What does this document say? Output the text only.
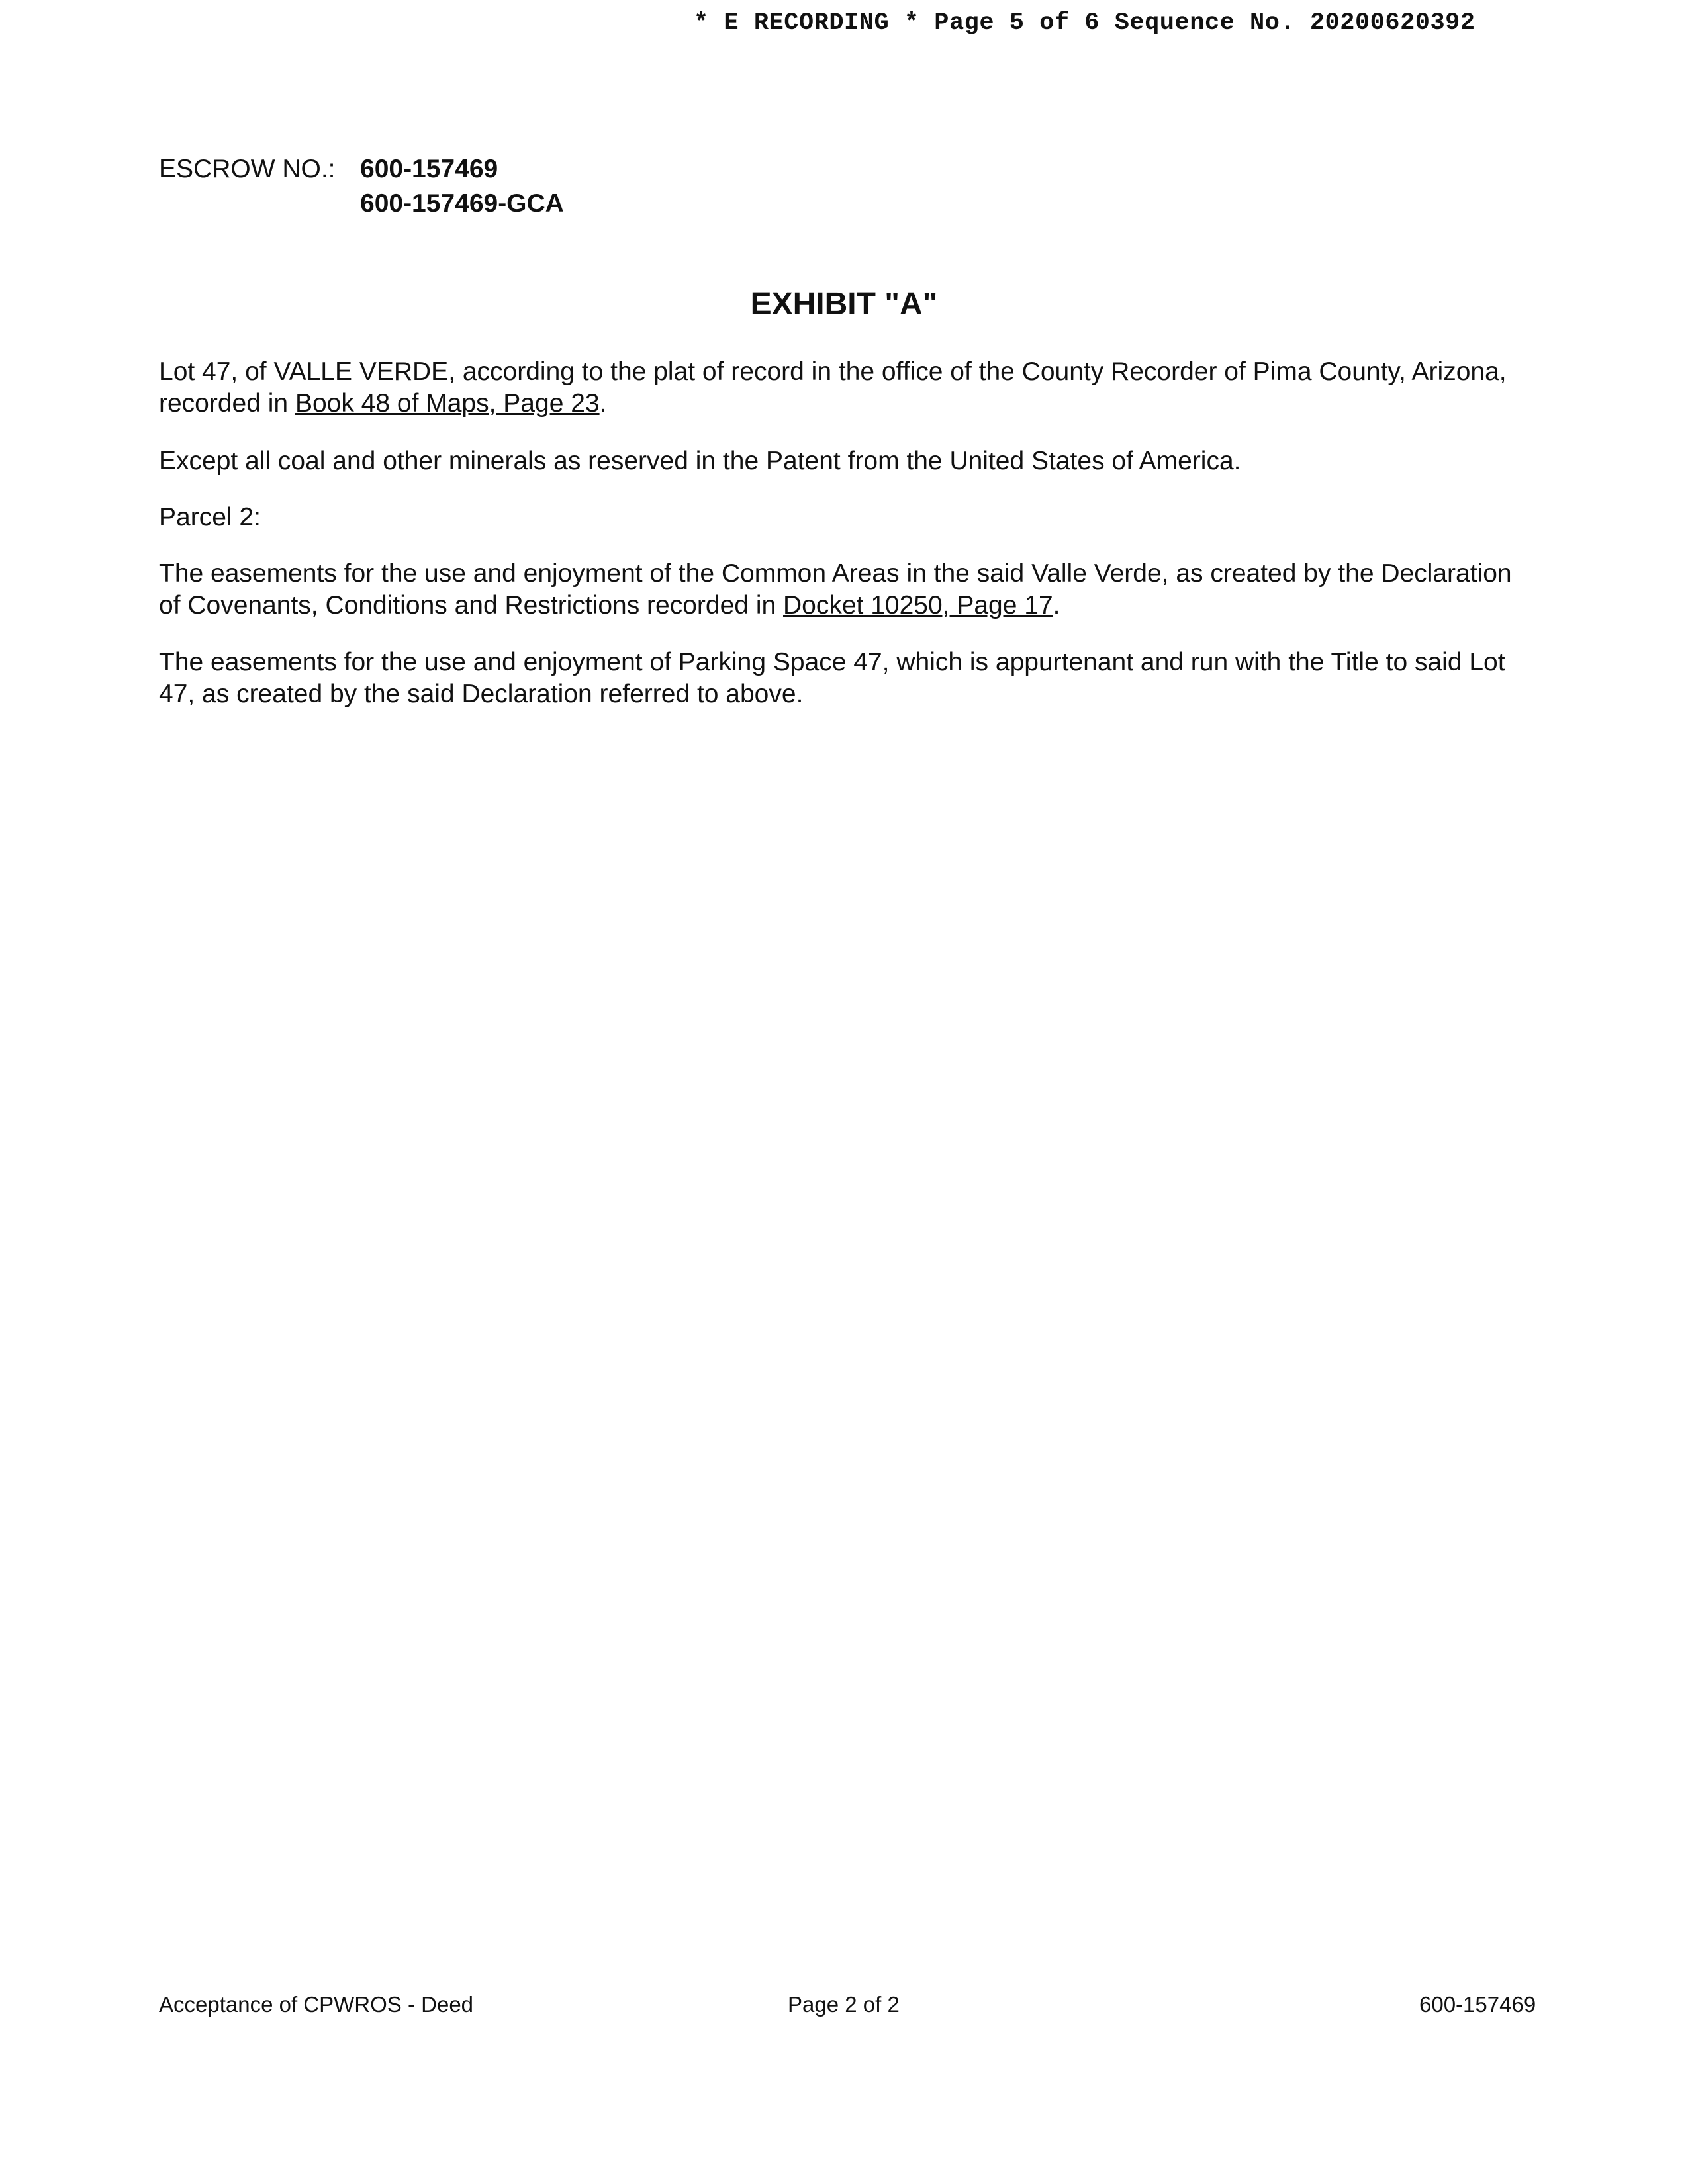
* E RECORDING * Page 5 of 6 Sequence No. 20200620392
ESCROW NO.: 600-157469
600-157469-GCA
EXHIBIT "A"

Lot 47, of VALLE VERDE, according to the plat of record in the office of the County Recorder of Pima County, Arizona, recorded in Book 48 of Maps, Page 23.

Except all coal and other minerals as reserved in the Patent from the United States of America.

Parcel 2:

The easements for the use and enjoyment of the Common Areas in the said Valle Verde, as created by the Declaration of Covenants, Conditions and Restrictions recorded in Docket 10250, Page 17.

The easements for the use and enjoyment of Parking Space 47, which is appurtenant and run with the Title to said Lot 47, as created by the said Declaration referred to above.

Acceptance of CPWROS - Deed	Page 2 of 2	600-157469
